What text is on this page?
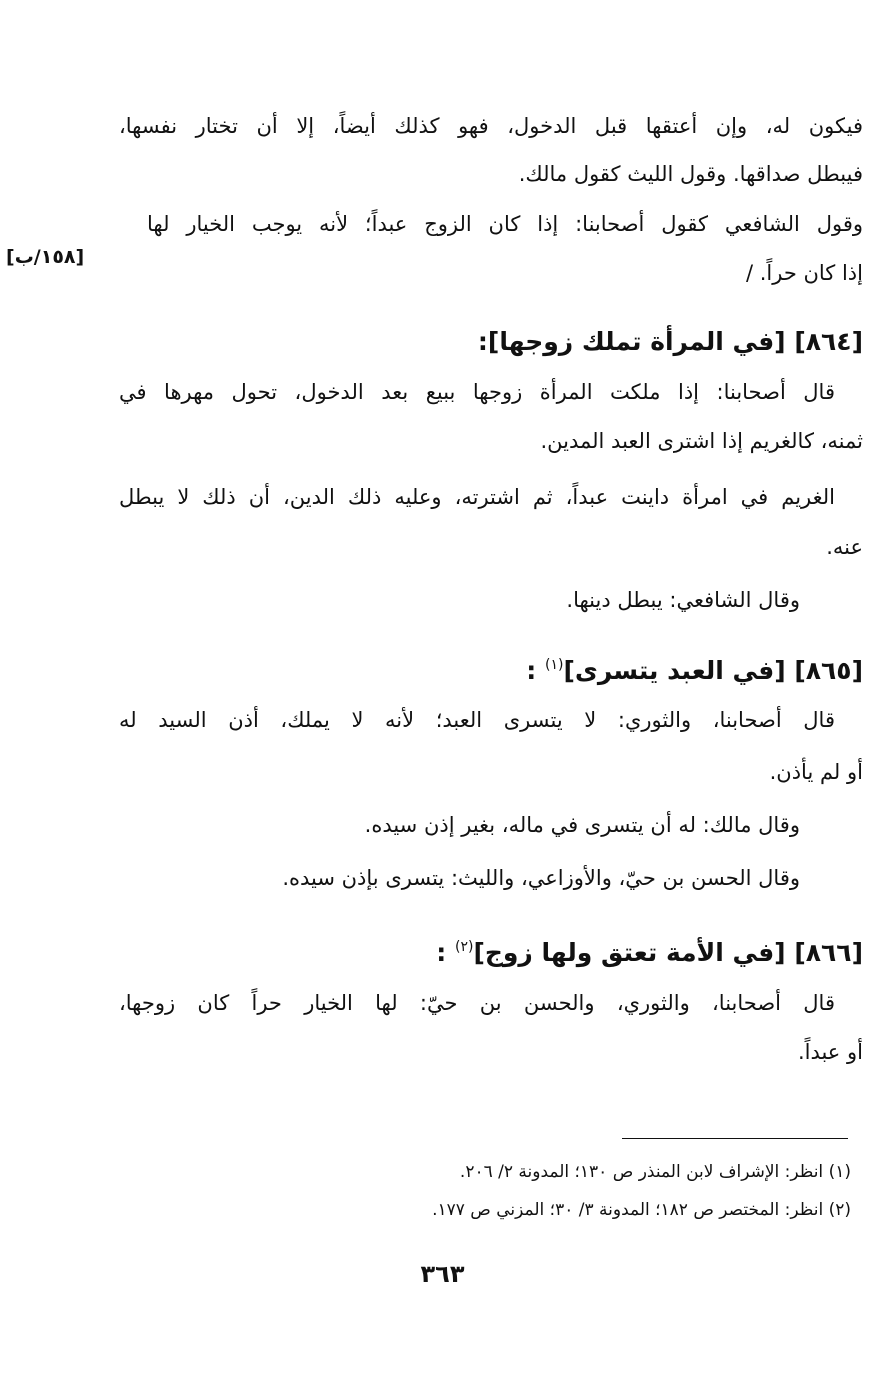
فيكون له، وإن أعتقها قبل الدخول، فهو كذلك أيضاً، إلا أن تختار نفسها،
فيبطل صداقها. وقول الليث كقول مالك.
وقول الشافعي كقول أصحابنا: إذا كان الزوج عبداً؛ لأنه يوجب الخيار لها
إذا كان حراً. /
[١٥٨/ب]
[٨٦٤] [في المرأة تملك زوجها]:
قال أصحابنا: إذا ملكت المرأة زوجها ببيع بعد الدخول، تحول مهرها في
ثمنه، كالغريم إذا اشترى العبد المدين.
الغريم في امرأة داينت عبداً، ثم اشترته، وعليه ذلك الدين، أن ذلك لا يبطل
عنه.
وقال الشافعي: يبطل دينها.
[٨٦٥] [في العبد يتسرى]$^{(١)}$ :
قال أصحابنا، والثوري: لا يتسرى العبد؛ لأنه لا يملك، أذن السيد له
أو لم يأذن.
وقال مالك: له أن يتسرى في ماله، بغير إذن سيده.
وقال الحسن بن حيّ، والأوزاعي، والليث: يتسرى بإذن سيده.
[٨٦٦] [في الأمة تعتق ولها زوج]$^{(٢)}$ :
قال أصحابنا، والثوري، والحسن بن حيّ: لها الخيار حراً كان زوجها،
أو عبداً.
(١) انظر: الإشراف لابن المنذر ص ١٣٠؛ المدونة ٢/ ٢٠٦.
(٢) انظر: المختصر ص ١٨٢؛ المدونة ٣/ ٣٠؛ المزني ص ١٧٧.
٣٦٣
